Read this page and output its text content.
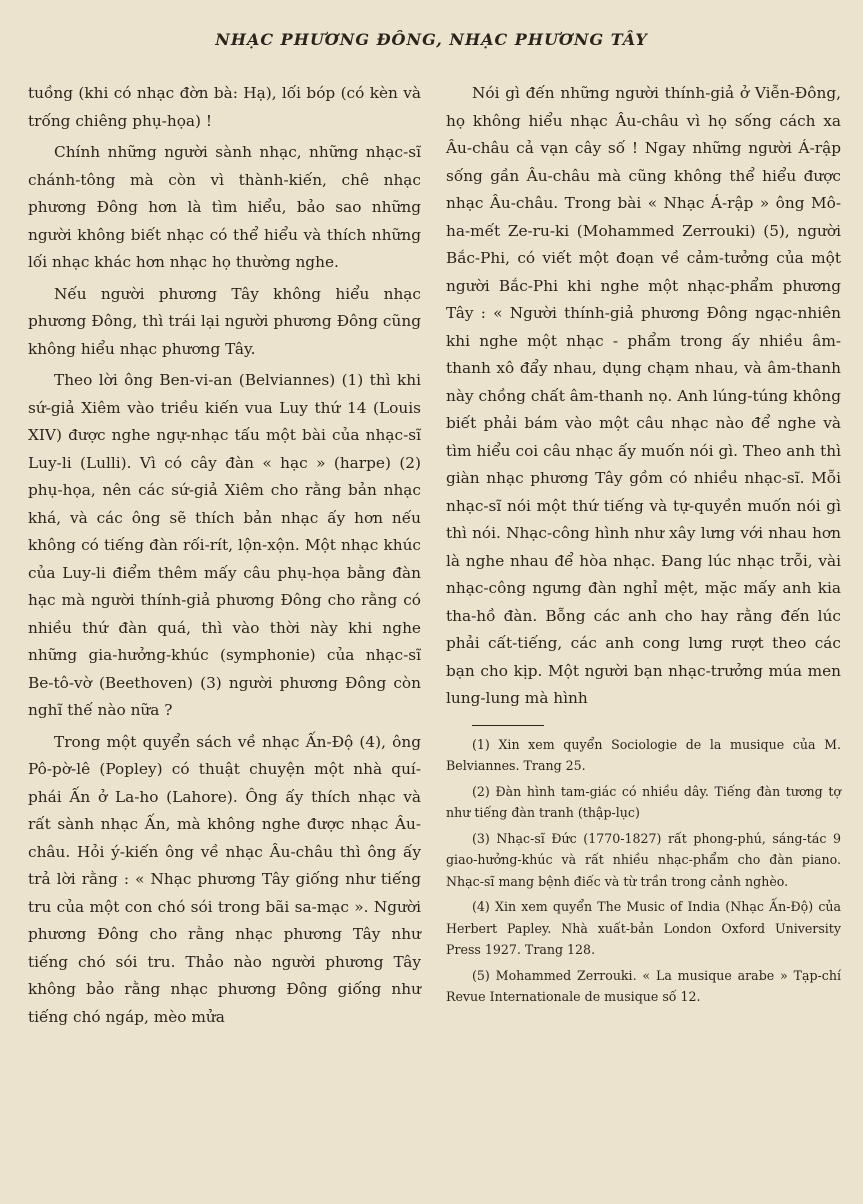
NHẠC PHƯƠNG ĐÔNG, NHẠC PHƯƠNG TÂY

tuồng (khi có nhạc đờn bà: Hạ), lối bóp (có kèn và trống chiêng phụ-họa) !

Chính những người sành nhạc, những nhạc-sĩ chánh-tông mà còn vì thành-kiến, chê nhạc phương Đông hơn là tìm hiểu, bảo sao những người không biết nhạc có thể hiểu và thích những lối nhạc khác hơn nhạc họ thường nghe.

Nếu người phương Tây không hiểu nhạc phương Đông, thì trái lại người phương Đông cũng không hiểu nhạc phương Tây.

Theo lời ông Ben-vi-an (Belviannes) (1) thì khi sứ-giả Xiêm vào triều kiến vua Luy thứ 14 (Louis XIV) được nghe ngự-nhạc tấu một bài của nhạc-sĩ Luy-li (Lulli). Vì có cây đàn « hạc » (harpe) (2) phụ-họa, nên các sứ-giả Xiêm cho rằng bản nhạc khá, và các ông sẽ thích bản nhạc ấy hơn nếu không có tiếng đàn rối-rít, lộn-xộn. Một nhạc khúc của Luy-li điểm thêm mấy câu phụ-họa bằng đàn hạc mà người thính-giả phương Đông cho rằng có nhiều thứ đàn quá, thì vào thời này khi nghe những gia-hưởng-khúc (symphonie) của nhạc-sĩ Be-tô-vờ (Beethoven) (3) người phương Đông còn nghĩ thế nào nữa ?

Trong một quyển sách về nhạc Ấn-Độ (4), ông Pô-pờ-lê (Popley) có thuật chuyện một nhà quí-phái Ấn ở La-ho (Lahore). Ông ấy thích nhạc và rất sành nhạc Ấn, mà không nghe được nhạc Âu-châu. Hỏi ý-kiến ông về nhạc Âu-châu thì ông ấy trả lời rằng : « Nhạc phương Tây giống như tiếng tru của một con chó sói trong bãi sa-mạc ». Người phương Đông cho rằng nhạc phương Tây như tiếng chó sói tru. Thảo nào người phương Tây không bảo rằng nhạc phương Đông giống như tiếng chó ngáp, mèo mửa

Nói gì đến những người thính-giả ở Viễn-Đông, họ không hiểu nhạc Âu-châu vì họ sống cách xa Âu-châu cả vạn cây số ! Ngay những người Á-rập sống gần Âu-châu mà cũng không thể hiểu được nhạc Âu-châu. Trong bài « Nhạc Á-rập » ông Mô-ha-mết Ze-ru-ki (Mohammed Zerrouki) (5), người Bắc-Phi, có viết một đoạn về cảm-tưởng của một người Bắc-Phi khi nghe một nhạc-phẩm phương Tây : « Người thính-giả phương Đông ngạc-nhiên khi nghe một nhạc - phẩm trong ấy nhiều âm-thanh xô đẩy nhau, dụng chạm nhau, và âm-thanh này chồng chất âm-thanh nọ. Anh lúng-túng không biết phải bám vào một câu nhạc nào để nghe và tìm hiểu coi câu nhạc ấy muốn nói gì. Theo anh thì giàn nhạc phương Tây gồm có nhiều nhạc-sĩ. Mỗi nhạc-sĩ nói một thứ tiếng và tự-quyền muốn nói gì thì nói. Nhạc-công hình như xây lưng với nhau hơn là nghe nhau để hòa nhạc. Đang lúc nhạc trỗi, vài nhạc-công ngưng đàn nghỉ mệt, mặc mấy anh kia tha-hồ đàn. Bỗng các anh cho hay rằng đến lúc phải cất-tiếng, các anh cong lưng rượt theo các bạn cho kịp. Một người bạn nhạc-trưởng múa men lung-lung mà hình

(1) Xin xem quyển Sociologie de la musique của M. Belviannes. Trang 25.

(2) Đàn hình tam-giác có nhiều dây. Tiếng đàn tương tợ như tiếng đàn tranh (thập-lục)

(3) Nhạc-sĩ Đức (1770-1827) rất phong-phú, sáng-tác 9 giao-hưởng-khúc và rất nhiều nhạc-phẩm cho đàn piano. Nhạc-sĩ mang bệnh điếc và từ trần trong cảnh nghèo.

(4) Xin xem quyển The Music of India (Nhạc Ấn-Độ) của Herbert Papley. Nhà xuất-bản London Oxford University Press 1927. Trang 128.

(5) Mohammed Zerrouki. « La musique arabe » Tạp-chí Revue Internationale de musique số 12.
